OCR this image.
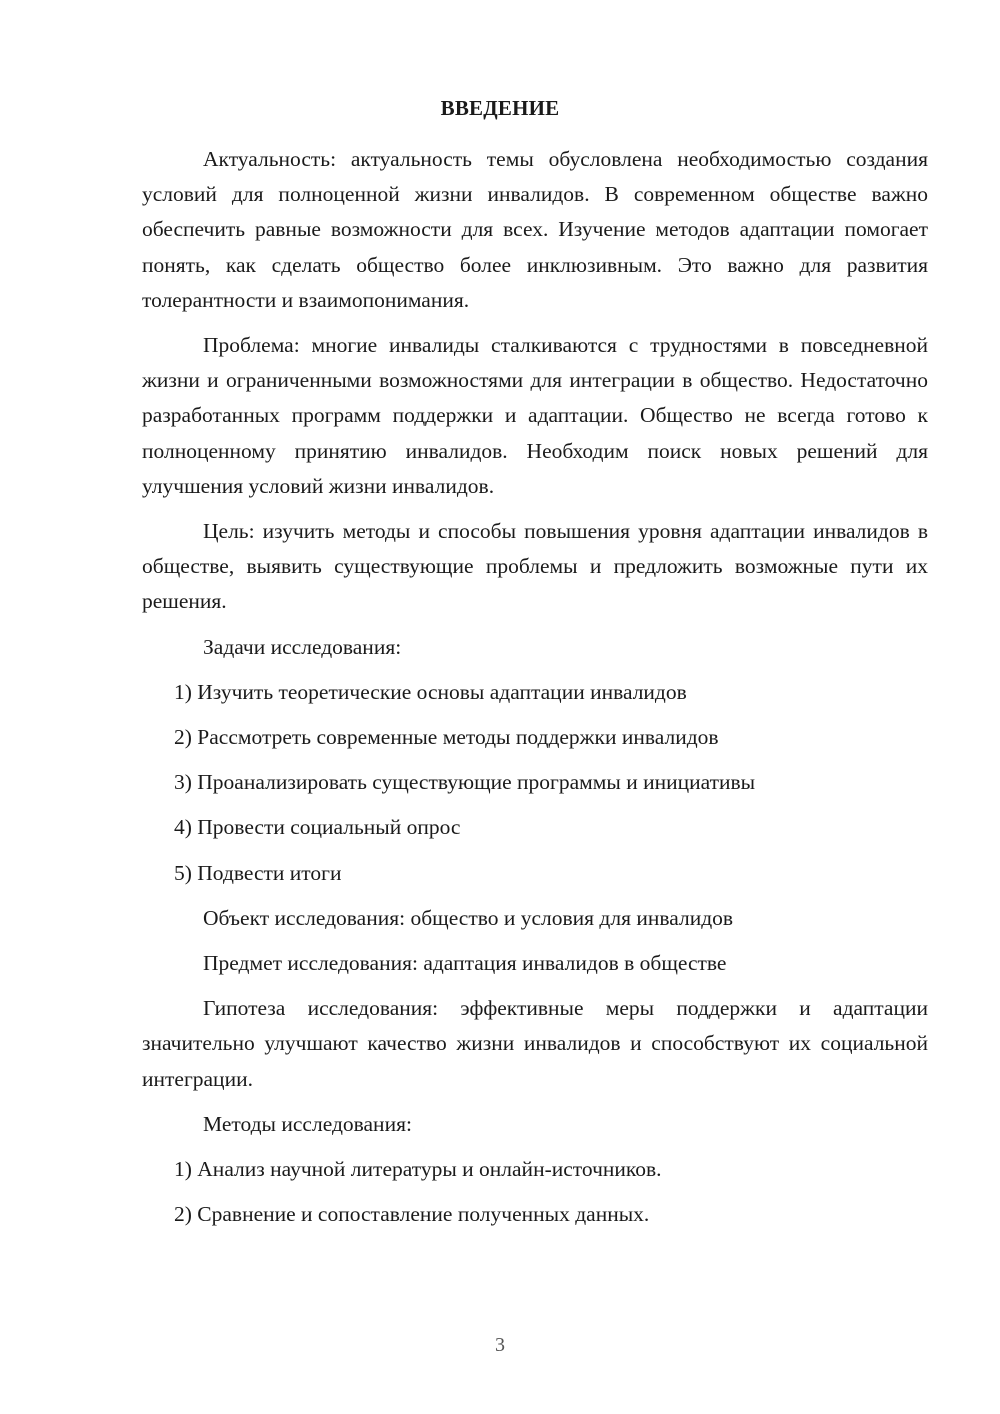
ВВЕДЕНИЕ

Актуальность: актуальность темы обусловлена необходимостью создания условий для полноценной жизни инвалидов. В современном обществе важно обеспечить равные возможности для всех. Изучение методов адаптации помогает понять, как сделать общество более инклюзивным. Это важно для развития толерантности и взаимопонимания.

Проблема: многие инвалиды сталкиваются с трудностями в повседневной жизни и ограниченными возможностями для интеграции в общество. Недостаточно разработанных программ поддержки и адаптации. Общество не всегда готово к полноценному принятию инвалидов. Необходим поиск новых решений для улучшения условий жизни инвалидов.

Цель: изучить методы и способы повышения уровня адаптации инвалидов в обществе, выявить существующие проблемы и предложить возможные пути их решения.

Задачи исследования:

1) Изучить теоретические основы адаптации инвалидов

2) Рассмотреть современные методы поддержки инвалидов

3) Проанализировать существующие программы и инициативы

4) Провести социальный опрос

5) Подвести итоги

Объект исследования: общество и условия для инвалидов

Предмет исследования: адаптация инвалидов в обществе

Гипотеза исследования: эффективные меры поддержки и адаптации значительно улучшают качество жизни инвалидов и способствуют их социальной интеграции.

Методы исследования:

1) Анализ научной литературы и онлайн-источников.

2) Сравнение и сопоставление полученных данных.

3
